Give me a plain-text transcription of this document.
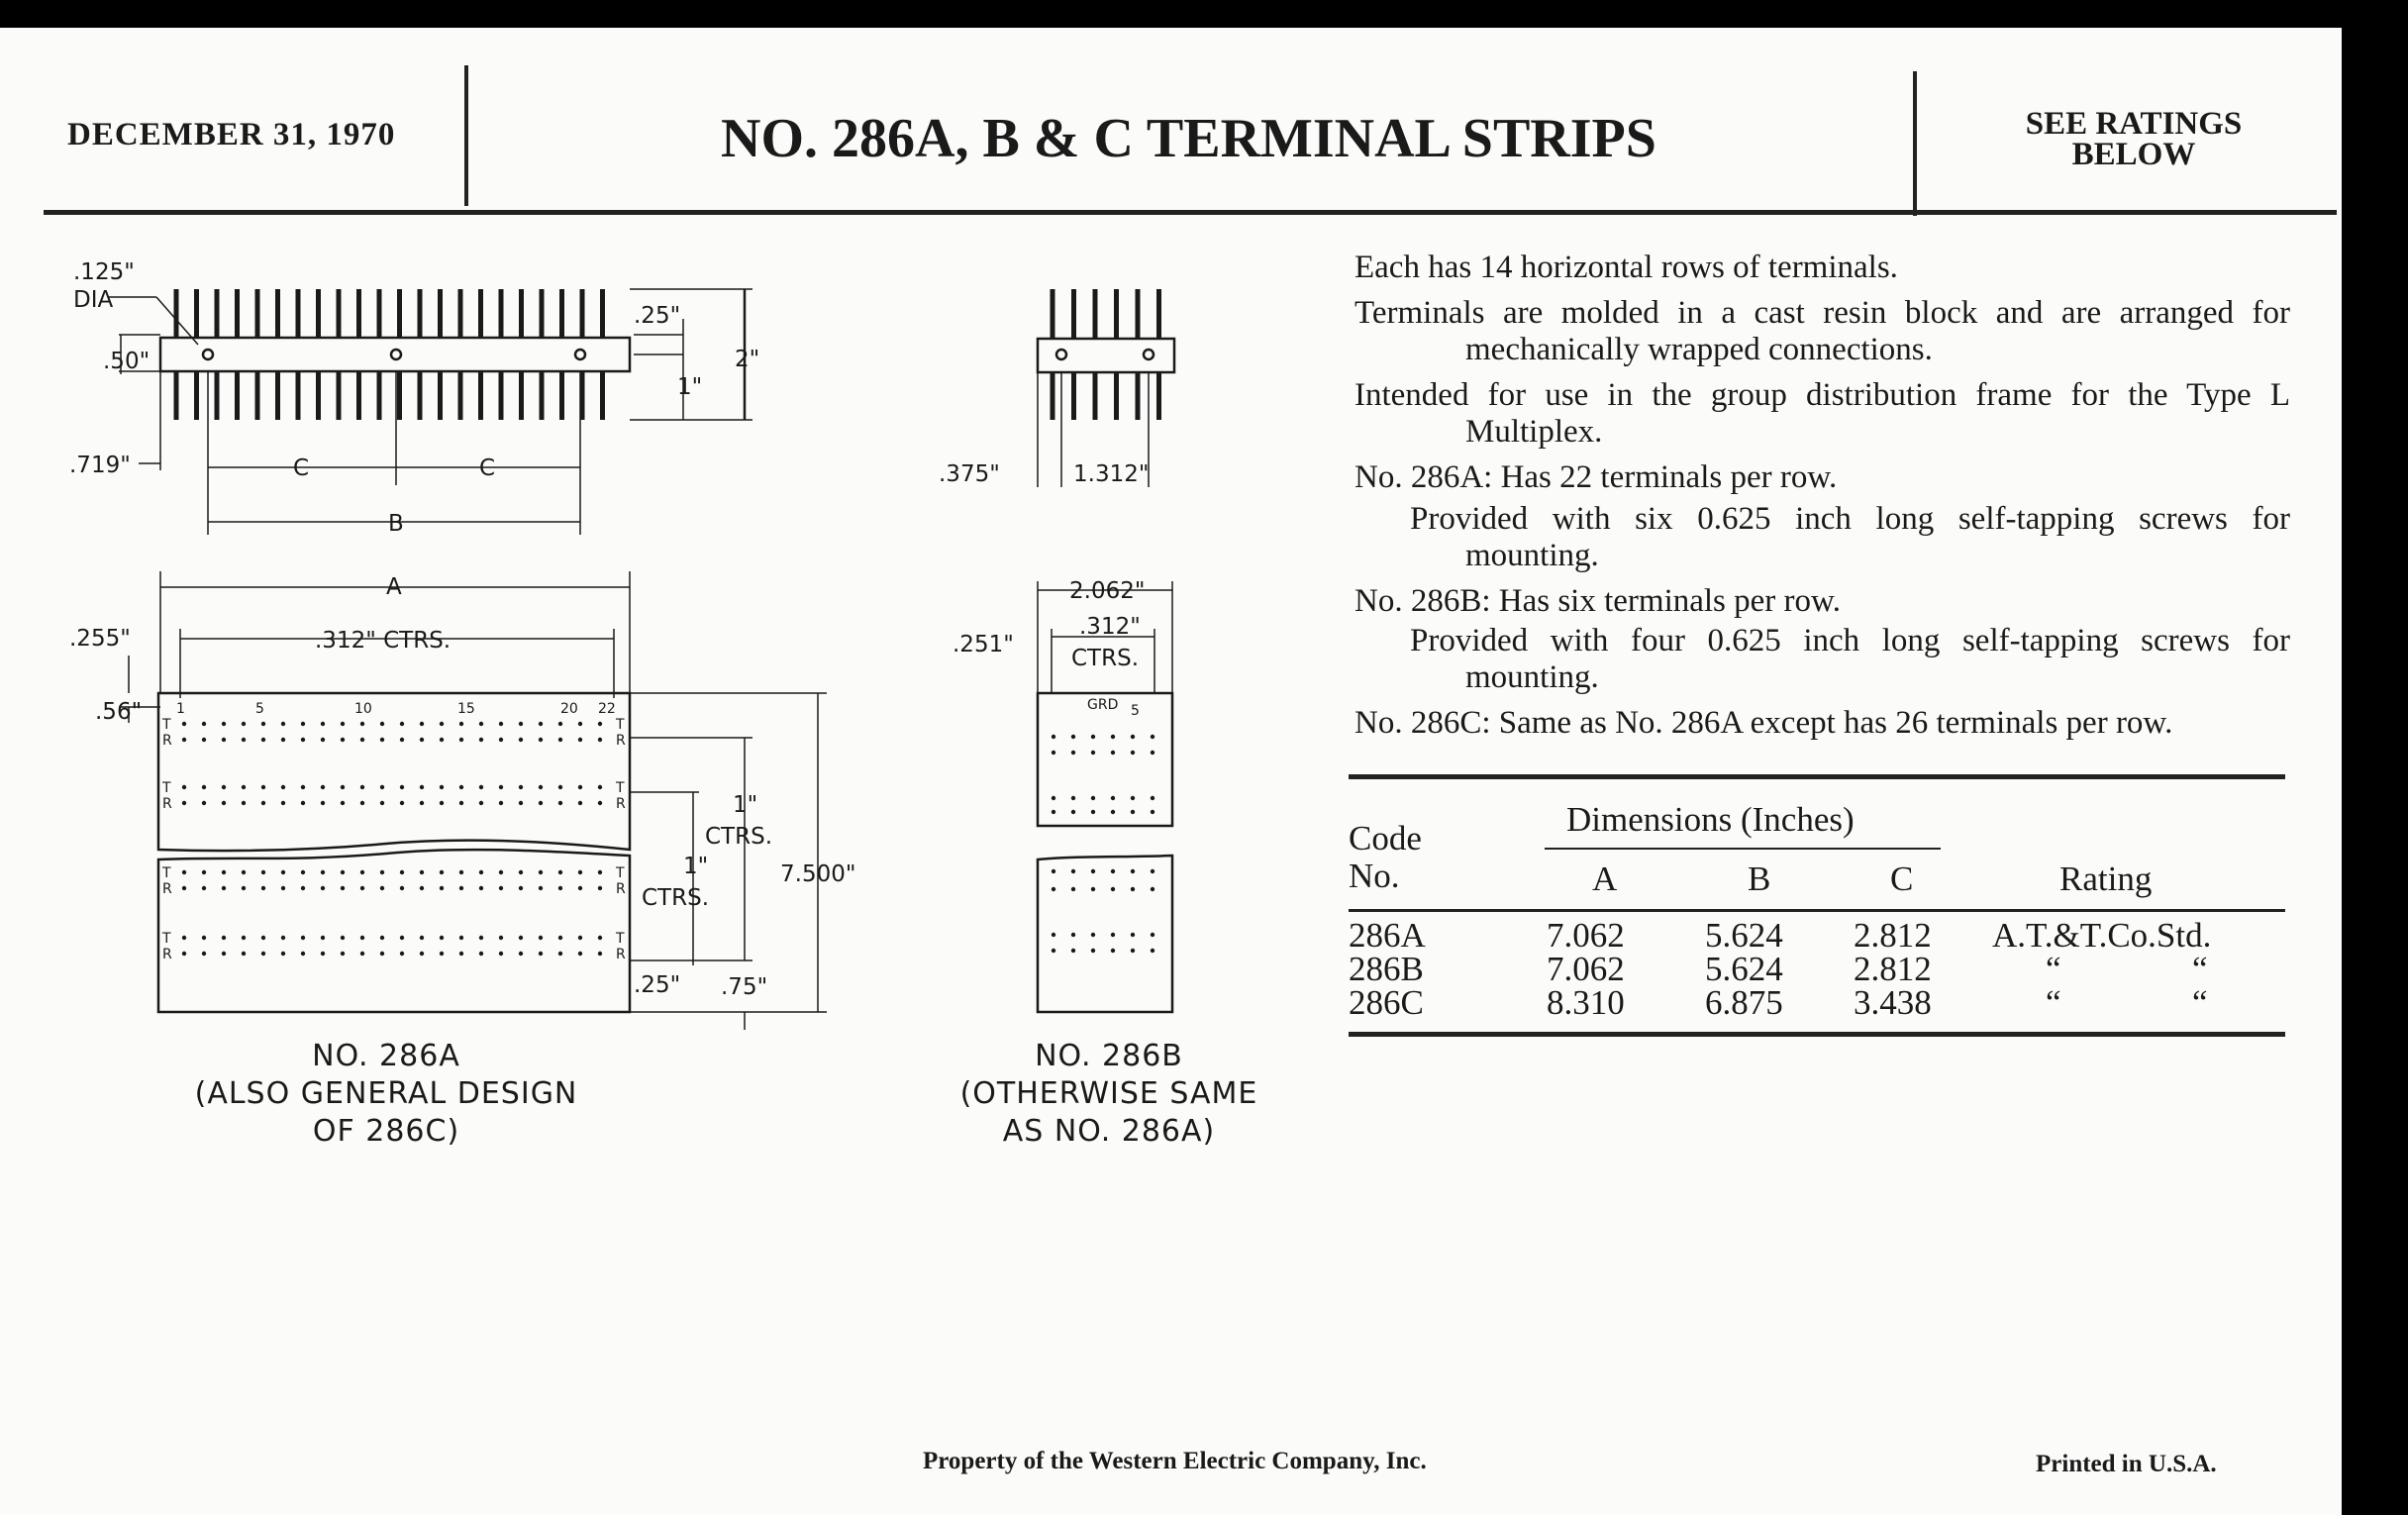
DECEMBER 31, 1970	NO. 286A, B & C TERMINAL STRIPS	SEE RATINGS
BELOW

Each has 14 horizontal rows of terminals.

Terminals are molded in a cast resin block and are arranged for mechanically wrapped connections.

Intended for use in the group distribution frame for the Type L Multiplex.

No. 286A: Has 22 terminals per row.

Provided with six 0.625 inch long self-tapping screws for mounting.

No. 286B: Has six terminals per row.

Provided with four 0.625 inch long self-tapping screws for mounting.

No. 286C: Same as No. 286A except has 26 terminals per row.

Code
No.
Dimensions (Inches)
A	B	C	Rating
286A	7.062 5.624 2.812 A.T.&T.Co.Std.
286B	7.062 5.624 2.812	“	“
286C	8.310 6.875 3.438	“	“
.125"
DIA
.50"
.25"
2"
1"
.719"	C	C
B
A
.255"	.312" CTRS.
.56"
1"
CTRS.
1"
CTRS.
7.500"
.25" .75"
.375"	1.312"
2.062"
.251"
.312"
CTRS.
1	5	10	15	20 22
T
R
T
R
T
R
T
R
T
R
T
R
T
R
T
R
GRD 5
NO. 286A
(ALSO GENERAL DESIGN
OF 286C)
NO. 286B
(OTHERWISE SAME
AS NO. 286A)
Property of the Western Electric Company, Inc.	Printed in U.S.A.
